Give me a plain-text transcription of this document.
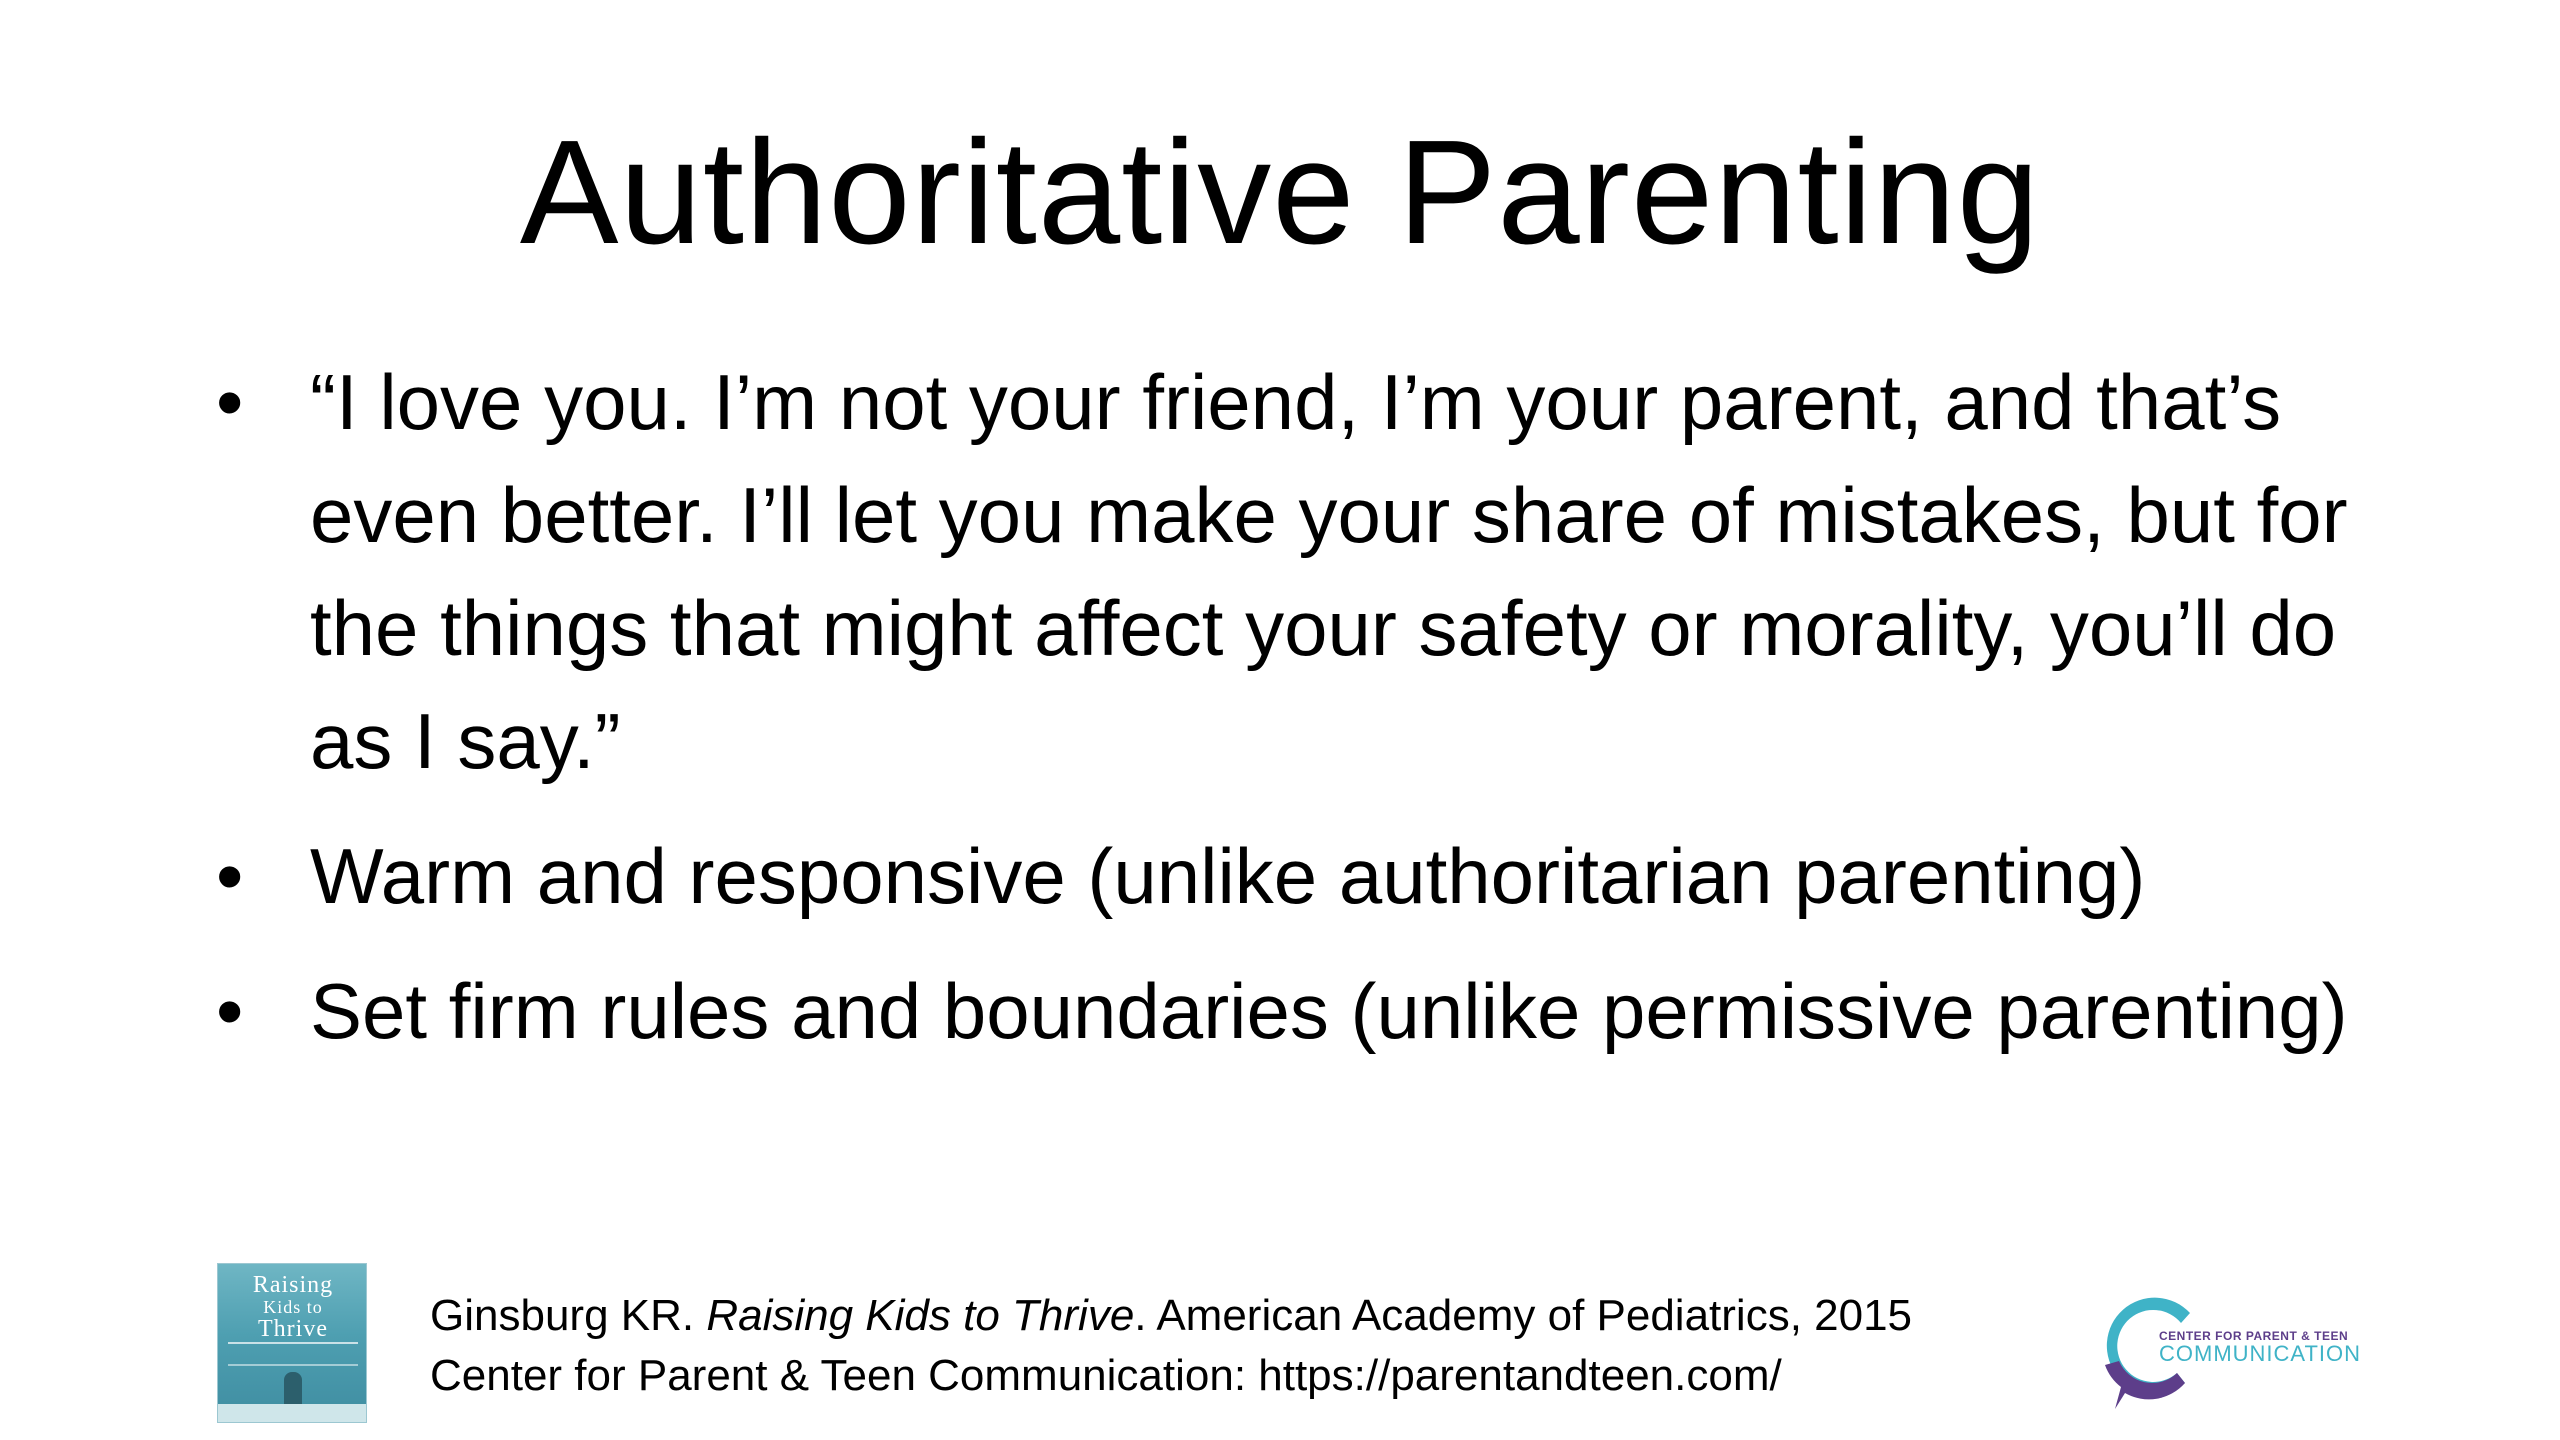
Authoritative Parenting
• “I love you. I’m not your friend, I’m your parent, and that’s even better. I’ll let you make your share of mistakes, but for the things that might affect your safety or morality, you’ll do as I say.”
• Warm and responsive (unlike authoritarian parenting)
• Set firm rules and boundaries (unlike permissive parenting)
Raising
Kids to
Thrive	Ginsburg KR. Raising Kids to Thrive. American Academy of Pediatrics, 2015
Center for Parent & Teen Communication: https://parentandteen.com/
CENTER FOR PARENT & TEEN
COMMUNICATION
